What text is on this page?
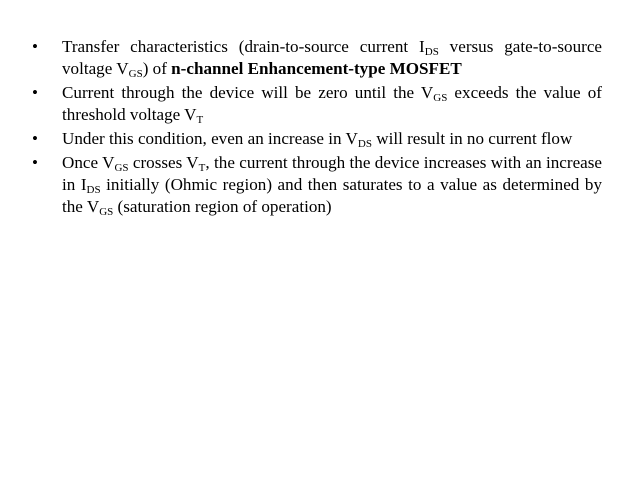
• Transfer characteristics (drain-to-source current $I_{DS}$ versus gate-to-source voltage $V_{GS}$) of n-channel Enhancement-type MOSFET
• Current through the device will be zero until the $V_{GS}$ exceeds the value of threshold voltage $V_T$
• Under this condition, even an increase in $V_{DS}$ will result in no current flow
• Once $V_{GS}$ crosses $V_T$, the current through the device increases with an increase in $I_{DS}$ initially (Ohmic region) and then saturates to a value as determined by the $V_{GS}$ (saturation region of operation)
